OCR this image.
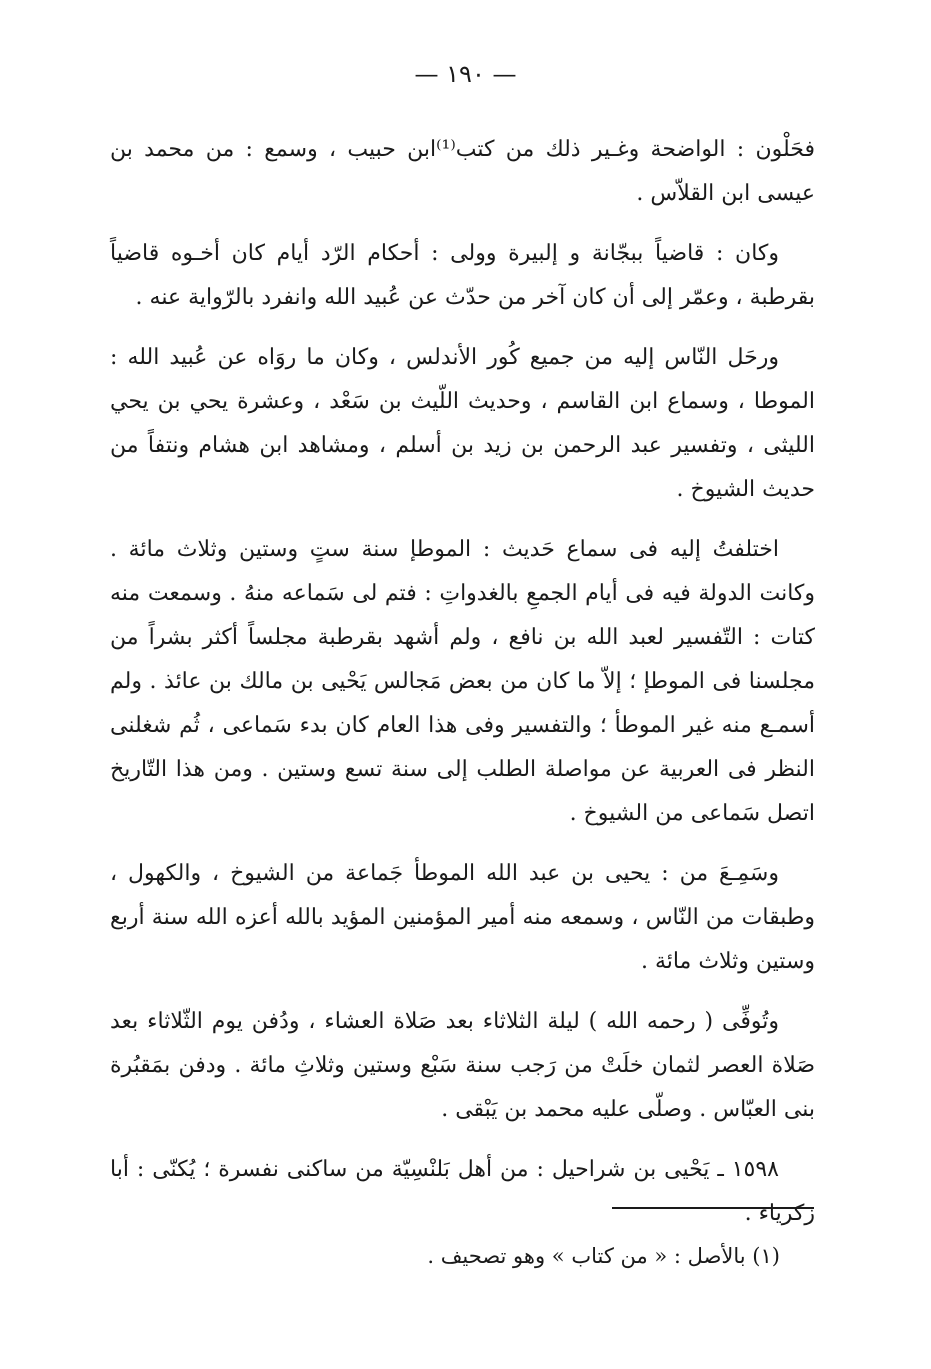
— ١٩٠ —

فحَلْون : الواضحة وغـير ذلك من كتب⁽¹⁾ابن حبيب ، وسمع : من محمد بن عيسى ابن القلاّس .

وكان : قاضياً ببجّانة و إلبيرة وولى : أحكام الرّد أيام كان أخـوه قاضياً بقرطبة ، وعمّر إلى أن كان آخر من حدّث عن عُبيد الله وانفرد بالرّواية عنه .

ورحَل النّاس إليه من جميع كُور الأندلس ، وكان ما روَاه عن عُبيد الله : الموطا ، وسماع ابن القاسم ، وحديث اللّيث بن سَعْد ، وعشرة يحي بن يحي الليثى ، وتفسير عبد الرحمن بن زيد بن أسلم ، ومشاهد ابن هشام ونتفاً من حديث الشيوخ .

اختلفتُ إليه فى سماع حَديث : الموطإ سنة ستٍ وستين وثلاث مائة . وكانت الدولة فيه فى أيام الجمعِ بالغدواتِ : فتم لى سَماعه منهُ . وسمعت منه كتات : التّفسير لعبد الله بن نافع ، ولم أشهد بقرطبة مجلساً أكثر بشراً من مجلسنا فى الموطإ ؛ إلاّ ما كان من بعض مَجالس يَحْيى بن مالك بن عائذ . ولم أسمـع منه غير الموطأ ؛ والتفسير وفى هذا العام كان بدء سَماعى ، ثُم شغلنى النظر فى العربية عن مواصلة الطلب إلى سنة تسع وستين . ومن هذا التّاريخ اتصل سَماعى من الشيوخ .

وسَمِـعَ من : يحيى بن عبد الله الموطأ جَماعة من الشيوخ ، والكهول ، وطبقات من النّاس ، وسمعه منه أمير المؤمنين المؤيد بالله أعزه الله سنة أربع وستين وثلاث مائة .

وتُوفِّى ( رحمه الله ) ليلة الثلاثاء بعد صَلاة العشاء ، ودُفن يوم الثّلاثاء بعد صَلاة العصر لثمان خلَتْ من رَجب سنة سَبْع وستين وثلاثِ مائة . ودفن بمَقبُرة بنى العبّاس . وصلّى عليه محمد بن يَبْقى .

١٥٩٨ ـ يَحْيى بن شراحيل : من أهل بَلنْسِيّة من ساكنى نفسرة ؛ يُكنّى : أبا زكرياء .

(١) بالأصل : « من كتاب » وهو تصحيف .
